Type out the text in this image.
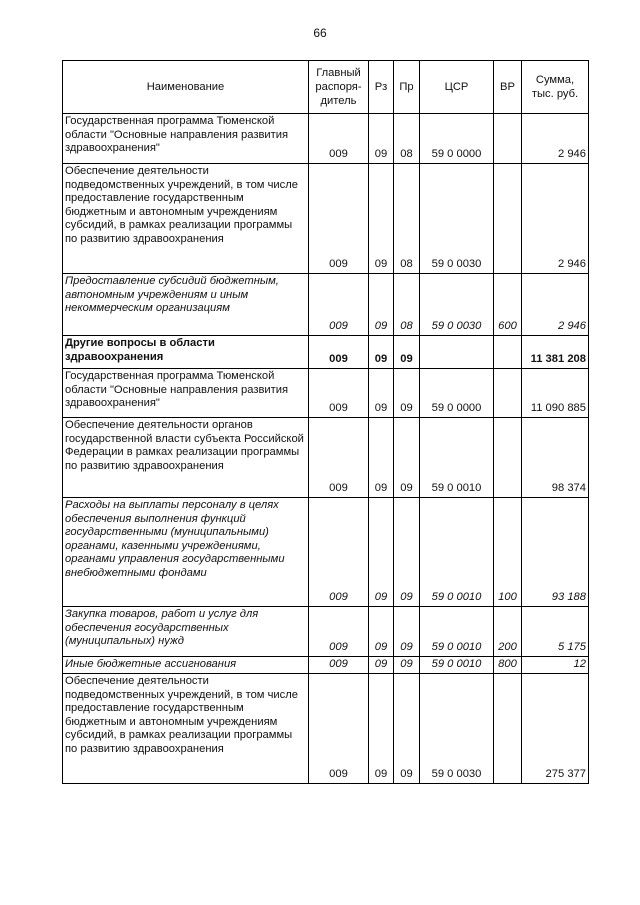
66
Наименование	Главный распоря-дитель	Рз	Пр	ЦСР	ВР	Сумма, тыс. руб.
Государственная программа Тюменской области "Основные направления развития здравоохранения"	009	09	08	59 0 0000		2 946
Обеспечение деятельности подведомственных учреждений, в том числе предоставление государственным бюджетным и автономным учреждениям субсидий, в рамках реализации программы по развитию здравоохранения	009	09	08	59 0 0030		2 946
Предоставление субсидий бюджетным, автономным учреждениям и иным некоммерческим организациям	009	09	08	59 0 0030	600	2 946
Другие вопросы в области здравоохранения	009	09	09			11 381 208
Государственная программа Тюменской области "Основные направления развития здравоохранения"	009	09	09	59 0 0000		11 090 885
Обеспечение деятельности органов государственной власти субъекта Российской Федерации в рамках реализации программы по развитию здравоохранения	009	09	09	59 0 0010		98 374
Расходы на выплаты персоналу в целях обеспечения выполнения функций государственными (муниципальными) органами, казенными учреждениями, органами управления государственными внебюджетными фондами	009	09	09	59 0 0010	100	93 188
Закупка товаров, работ и услуг для обеспечения государственных (муниципальных) нужд	009	09	09	59 0 0010	200	5 175
Иные бюджетные ассигнования	009	09	09	59 0 0010	800	12
Обеспечение деятельности подведомственных учреждений, в том числе предоставление государственным бюджетным и автономным учреждениям субсидий, в рамках реализации программы по развитию здравоохранения	009	09	09	59 0 0030		275 377
